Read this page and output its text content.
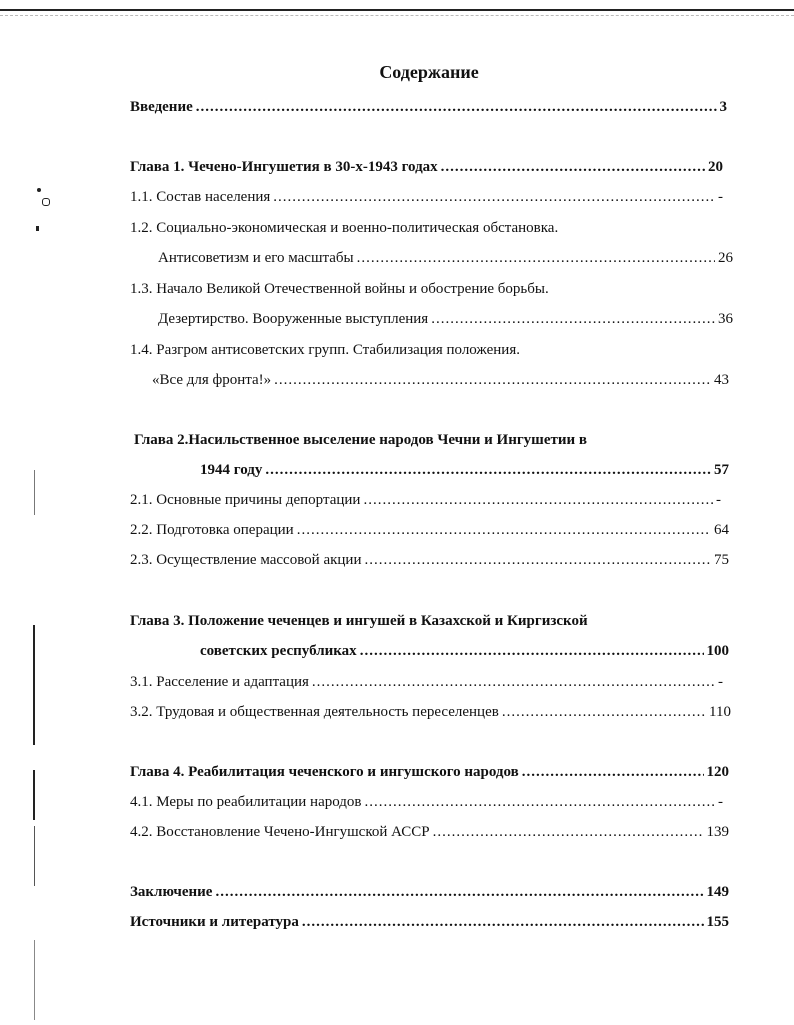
Содержание
Введение .....	3
Глава 1. Чечено-Ингушетия в 30-х-1943 годах .....	20
1.1. Состав населения .....	-
1.2. Социально-экономическая и военно-политическая обстановка.
Антисоветизм и его масштабы .....	26
1.3. Начало Великой Отечественной войны и обострение борьбы.
Дезертирство. Вооруженные выступления .....	36
1.4. Разгром антисоветских групп. Стабилизация положения.
«Все для фронта!» .....	43
Глава 2.Насильственное выселение народов Чечни и Ингушетии в
1944 году .....	57
2.1. Основные причины депортации .....	-
2.2. Подготовка операции .....	64
2.3. Осуществление массовой акции .....	75
Глава 3. Положение чеченцев и ингушей в Казахской и Киргизской
советских республиках .....	100
3.1. Расселение и адаптация .....	-
3.2. Трудовая и общественная деятельность переселенцев .....	110
Глава 4. Реабилитация чеченского и ингушского народов .....	120
4.1. Меры по реабилитации народов .....	-
4.2. Восстановление Чечено-Ингушской АССР .....	139
Заключение .....	149
Источники и литература .....	155
